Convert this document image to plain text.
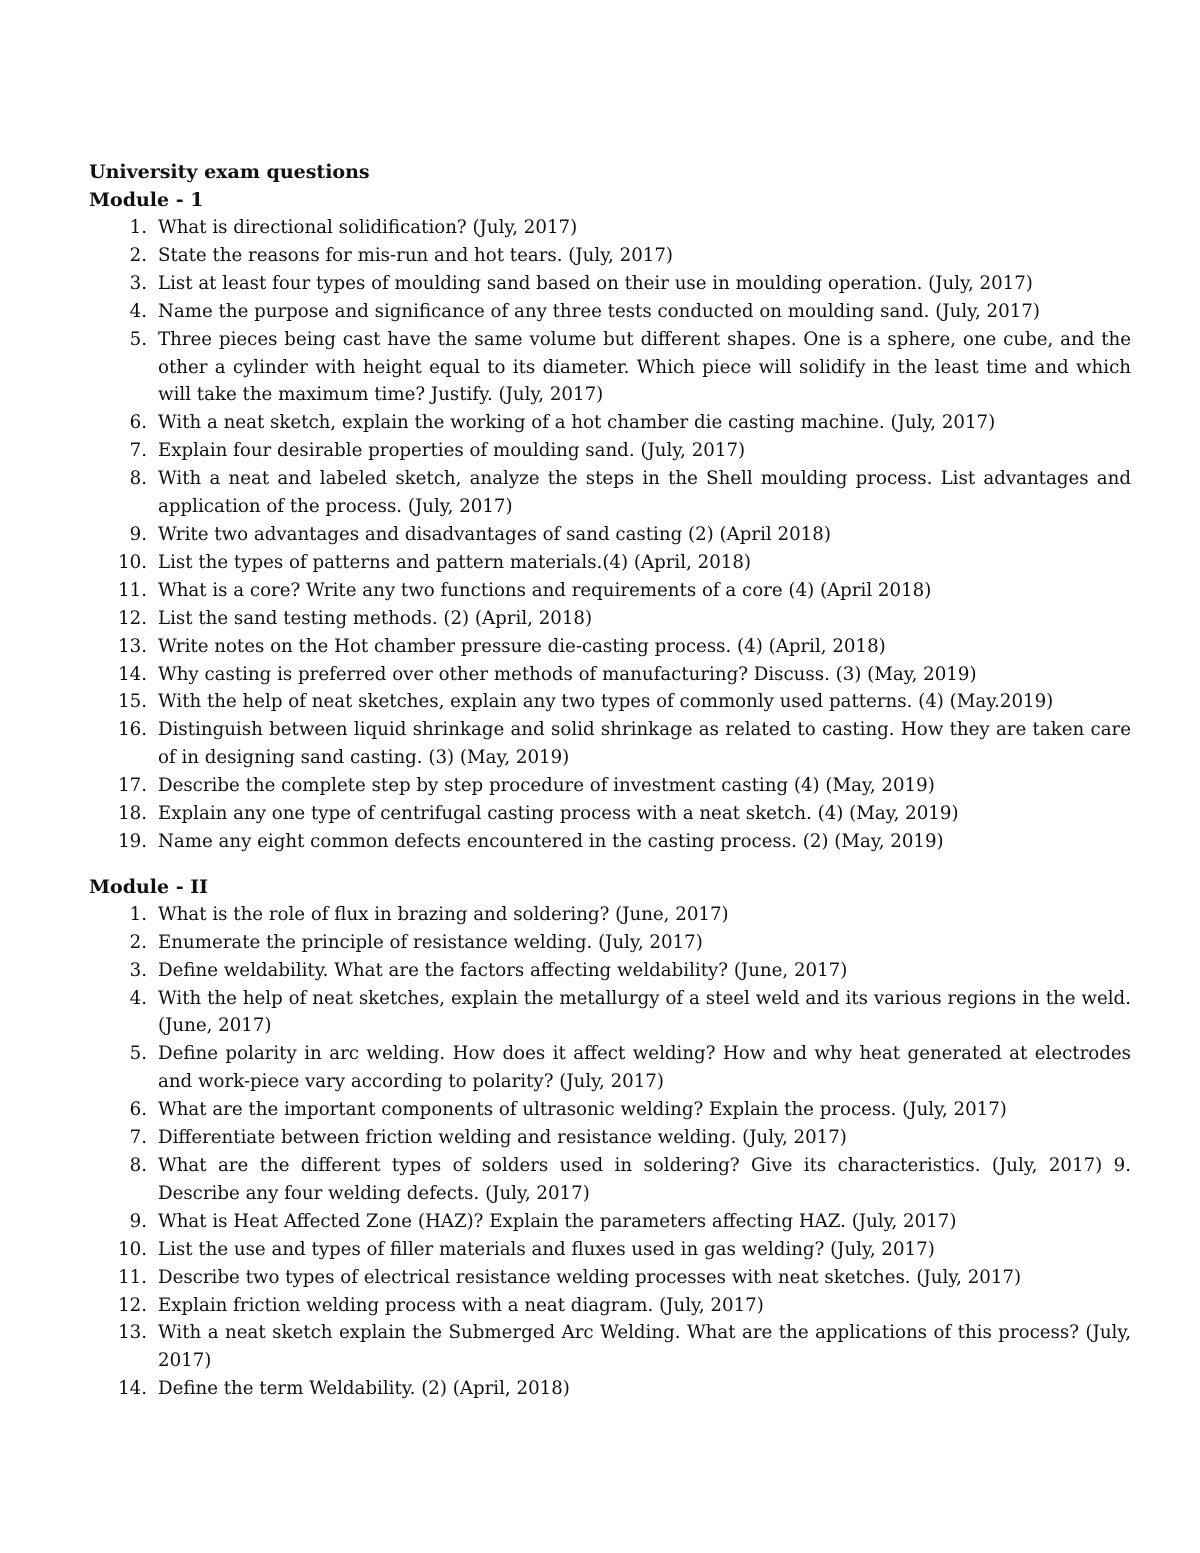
University exam questions
Module - 1
1. What is directional solidification? (July, 2017)
2. State the reasons for mis-run and hot tears. (July, 2017)
3. List at least four types of moulding sand based on their use in moulding operation. (July, 2017)
4. Name the purpose and significance of any three tests conducted on moulding sand. (July, 2017)
5. Three pieces being cast have the same volume but different shapes. One is a sphere, one cube, and the other a cylinder with height equal to its diameter. Which piece will solidify in the least time and which will take the maximum time? Justify. (July, 2017)
6. With a neat sketch, explain the working of a hot chamber die casting machine. (July, 2017)
7. Explain four desirable properties of moulding sand. (July, 2017)
8. With a neat and labeled sketch, analyze the steps in the Shell moulding process. List advantages and application of the process. (July, 2017)
9. Write two advantages and disadvantages of sand casting (2) (April 2018)
10. List the types of patterns and pattern materials.(4) (April, 2018)
11. What is a core? Write any two functions and requirements of a core (4) (April 2018)
12. List the sand testing methods. (2) (April, 2018)
13. Write notes on the Hot chamber pressure die-casting process. (4) (April, 2018)
14. Why casting is preferred over other methods of manufacturing? Discuss. (3) (May, 2019)
15. With the help of neat sketches, explain any two types of commonly used patterns. (4) (May.2019)
16. Distinguish between liquid shrinkage and solid shrinkage as related to casting. How they are taken care of in designing sand casting. (3) (May, 2019)
17. Describe the complete step by step procedure of investment casting (4) (May, 2019)
18. Explain any one type of centrifugal casting process with a neat sketch. (4) (May, 2019)
19. Name any eight common defects encountered in the casting process. (2) (May, 2019)
Module - II
1. What is the role of flux in brazing and soldering? (June, 2017)
2. Enumerate the principle of resistance welding. (July, 2017)
3. Define weldability. What are the factors affecting weldability? (June, 2017)
4. With the help of neat sketches, explain the metallurgy of a steel weld and its various regions in the weld. (June, 2017)
5. Define polarity in arc welding. How does it affect welding? How and why heat generated at electrodes and work-piece vary according to polarity? (July, 2017)
6. What are the important components of ultrasonic welding? Explain the process. (July, 2017)
7. Differentiate between friction welding and resistance welding. (July, 2017)
8. What are the different types of solders used in soldering? Give its characteristics. (July, 2017) 9. Describe any four welding defects. (July, 2017)
9. What is Heat Affected Zone (HAZ)? Explain the parameters affecting HAZ. (July, 2017)
10. List the use and types of filler materials and fluxes used in gas welding? (July, 2017)
11. Describe two types of electrical resistance welding processes with neat sketches. (July, 2017)
12. Explain friction welding process with a neat diagram. (July, 2017)
13. With a neat sketch explain the Submerged Arc Welding. What are the applications of this process? (July, 2017)
14. Define the term Weldability. (2) (April, 2018)
